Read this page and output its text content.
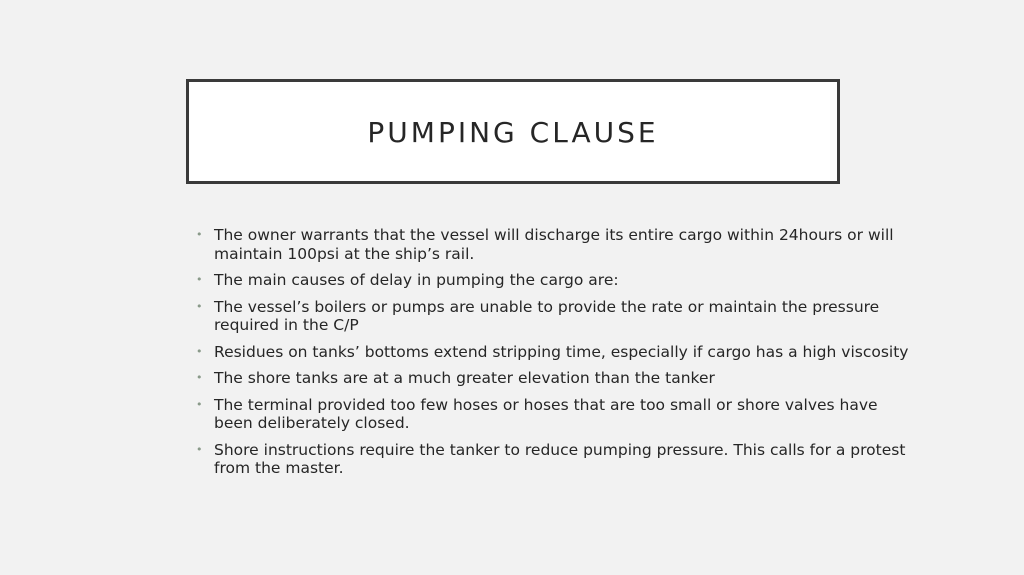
PUMPING CLAUSE
• The owner warrants that the vessel will discharge its entire cargo within 24hours or will maintain 100psi at the ship’s rail.
• The main causes of delay in pumping the cargo are:
• The vessel’s boilers or pumps are unable to provide the rate or maintain the pressure required in the C/P
• Residues on tanks’ bottoms extend stripping time, especially if cargo has a high viscosity
• The shore tanks are at a much greater elevation than the tanker
• The terminal provided too few hoses or hoses that are too small or shore valves have been deliberately closed.
• Shore instructions require the tanker to reduce pumping pressure. This calls for a protest from the master.
